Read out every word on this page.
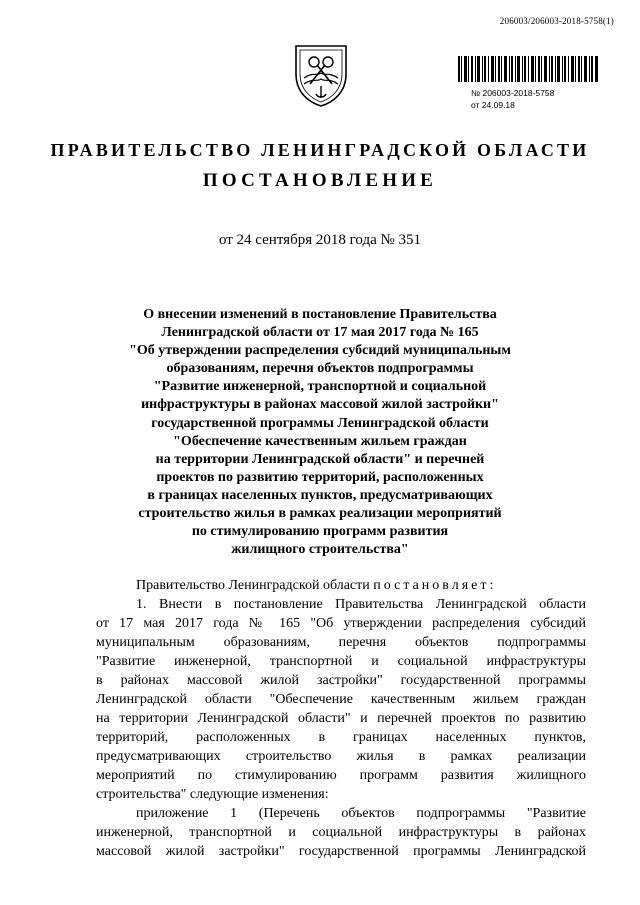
206003/206003-2018-5758(1)
№ 206003-2018-5758
от 24.09.18
ПРАВИТЕЛЬСТВО ЛЕНИНГРАДСКОЙ ОБЛАСТИ
ПОСТАНОВЛЕНИЕ
от 24 сентября 2018 года № 351
О внесении изменений в постановление Правительства
Ленинградской области от 17 мая 2017 года № 165
"Об утверждении распределения субсидий муниципальным
образованиям, перечня объектов подпрограммы
"Развитие инженерной, транспортной и социальной
инфраструктуры в районах массовой жилой застройки"
государственной программы Ленинградской области
"Обеспечение качественным жильем граждан
на территории Ленинградской области" и перечней
проектов по развитию территорий, расположенных
в границах населенных пунктов, предусматривающих
строительство жилья в рамках реализации мероприятий
по стимулированию программ развития
жилищного строительства"
Правительство Ленинградской области постановляет:
1. Внести в постановление Правительства Ленинградской области
от 17 мая 2017 года № 165 "Об утверждении распределения субсидий
муниципальным образованиям, перечня объектов подпрограммы
"Развитие инженерной, транспортной и социальной инфраструктуры
в районах массовой жилой застройки" государственной программы
Ленинградской области "Обеспечение качественным жильем граждан
на территории Ленинградской области" и перечней проектов по развитию
территорий, расположенных в границах населенных пунктов,
предусматривающих строительство жилья в рамках реализации
мероприятий по стимулированию программ развития жилищного
строительства" следующие изменения:
приложение 1 (Перечень объектов подпрограммы "Развитие
инженерной, транспортной и социальной инфраструктуры в районах
массовой жилой застройки" государственной программы Ленинградской
